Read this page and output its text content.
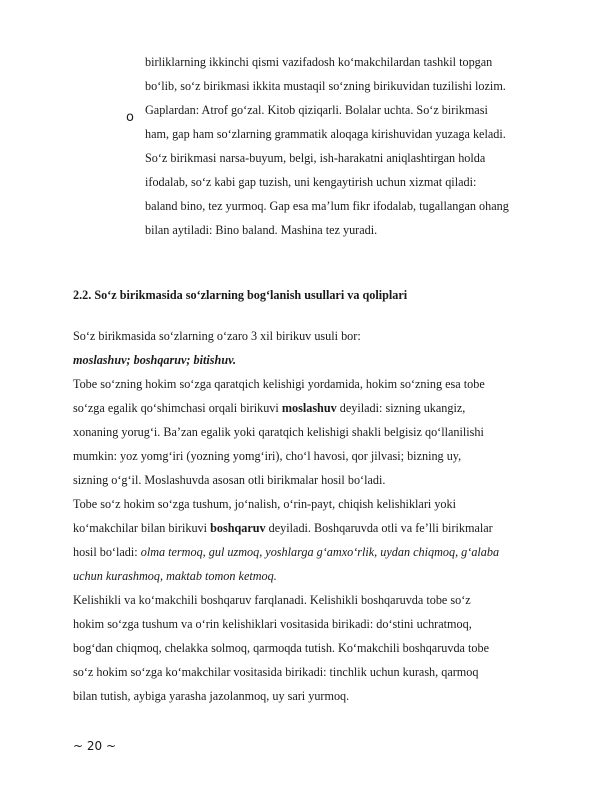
birliklarning ikkinchi qismi vazifadosh koʻmakchilardan tashkil topgan
boʻlib, soʻz birikmasi ikkita mustaqil soʻzning birikuvidan tuzilishi lozim.
o Gaplardan: Atrof goʻzal. Kitob qiziqarli. Bolalar uchta. Soʻz birikmasi
ham, gap ham soʻzlarning grammatik aloqaga kirishuvidan yuzaga keladi.
Soʻz birikmasi narsa-buyum, belgi, ish-harakatni aniqlashtirgan holda
ifodalab, soʻz kabi gap tuzish, uni kengaytirish uchun xizmat qiladi:
baland bino, tez yurmoq. Gap esa ma’lum fikr ifodalab, tugallangan ohang
bilan aytiladi: Bino baland. Mashina tez yuradi.
2.2. Soʻz birikmasida soʻzlarning bogʻlanish usullari va qoliplari
Soʻz birikmasida soʻzlarning oʻzaro 3 xil birikuv usuli bor:
moslashuv; boshqaruv; bitishuv.
Tobe soʻzning hokim soʻzga qaratqich kelishigi yordamida, hokim soʻzning esa tobe
soʻzga egalik qoʻshimchasi orqali birikuvi moslashuv deyiladi: sizning ukangiz,
xonaning yorugʻi. Ba’zan egalik yoki qaratqich kelishigi shakli belgisiz qoʻllanilishi
mumkin: yoz yomgʻiri (yozning yomgʻiri), choʻl havosi, qor jilvasi; bizning uy,
sizning oʻgʻil. Moslashuvda asosan otli birikmalar hosil boʻladi.
Tobe soʻz hokim soʻzga tushum, joʻnalish, oʻrin-payt, chiqish kelishiklari yoki
koʻmakchilar bilan birikuvi boshqaruv deyiladi. Boshqaruvda otli va fe’lli birikmalar
hosil boʻladi: olma termoq, gul uzmoq, yoshlarga gʻamxoʻrlik, uydan chiqmoq, gʻalaba
uchun kurashmoq, maktab tomon ketmoq.
Kelishikli va koʻmakchili boshqaruv farqlanadi. Kelishikli boshqaruvda tobe soʻz
hokim soʻzga tushum va oʻrin kelishiklari vositasida birikadi: doʻstini uchratmoq,
bogʻdan chiqmoq, chelakka solmoq, qarmoqda tutish. Koʻmakchili boshqaruvda tobe
soʻz hokim soʻzga koʻmakchilar vositasida birikadi: tinchlik uchun kurash, qarmoq
bilan tutish, aybiga yarasha jazolanmoq, uy sari yurmoq.
~ 20 ~
